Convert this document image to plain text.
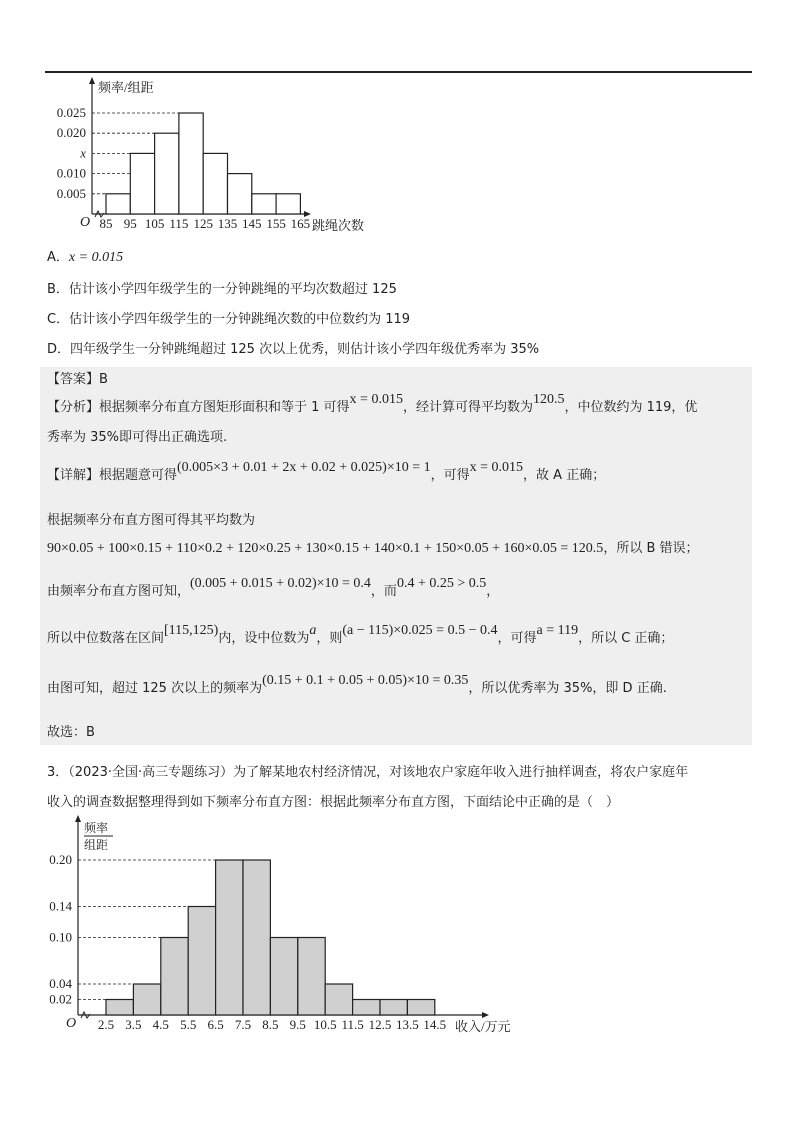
O
0.005
0.010
x
0.020
0.025
85 95 105 115 125 135 145 155 165 跳绳次数
频率/组距
A．x = 0.015
B．估计该小学四年级学生的一分钟跳绳的平均次数超过 125
C．估计该小学四年级学生的一分钟跳绳次数的中位数约为 119
D．四年级学生一分钟跳绳超过 125 次以上优秀，则估计该小学四年级优秀率为 35%
【答案】B
【分析】根据频率分布直方图矩形面积和等于 1 可得x = 0.015，经计算可得平均数为120.5，中位数约为 119，优
秀率为 35%即可得出正确选项.
【详解】根据题意可得(0.005×3 + 0.01 + 2x + 0.02 + 0.025)×10 = 1，可得x = 0.015，故 A 正确；
根据频率分布直方图可得其平均数为
90×0.05 + 100×0.15 + 110×0.2 + 120×0.25 + 130×0.15 + 140×0.1 + 150×0.05 + 160×0.05 = 120.5，所以 B 错误；
由频率分布直方图可知，(0.005 + 0.015 + 0.02)×10 = 0.4，而0.4 + 0.25 > 0.5，
所以中位数落在区间[115,125)内，设中位数为a，则(a − 115)×0.025 = 0.5 − 0.4，可得a = 119，所以 C 正确；
由图可知，超过 125 次以上的频率为(0.15 + 0.1 + 0.05 + 0.05)×10 = 0.35，所以优秀率为 35%，即 D 正确.
故选：B
3．（2023·全国·高三专题练习）为了解某地农村经济情况，对该地农户家庭年收入进行抽样调查，将农户家庭年
收入的调查数据整理得到如下频率分布直方图：根据此频率分布直方图，下面结论中正确的是（　）
O
0.02
0.04
0.10
0.14
0.20
2.5 3.5 4.5 5.5 6.5 7.5 8.5 9.5 10.5 11.5 12.5 13.5 14.5 收入/万元
频率
组距
